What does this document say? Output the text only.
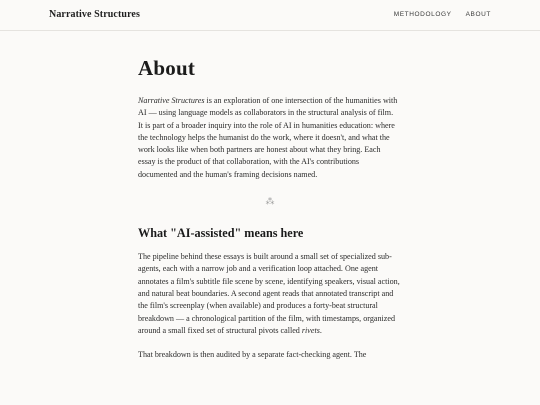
Narrative Structures	METHODOLOGY ABOUT
About

Narrative Structures is an exploration of one intersection of the humanities with AI — using language models as collaborators in the structural analysis of film. It is part of a broader inquiry into the role of AI in humanities education: where the technology helps the humanist do the work, where it doesn't, and what the work looks like when both partners are honest about what they bring. Each essay is the product of that collaboration, with the AI's contributions documented and the human's framing decisions named.

⁂
What "AI-assisted" means here

The pipeline behind these essays is built around a small set of specialized sub-agents, each with a narrow job and a verification loop attached. One agent annotates a film's subtitle file scene by scene, identifying speakers, visual action, and natural beat boundaries. A second agent reads that annotated transcript and the film's screenplay (when available) and produces a forty-beat structural breakdown — a chronological partition of the film, with timestamps, organized around a small fixed set of structural pivots called rivets.

That breakdown is then audited by a separate fact-checking agent. The
